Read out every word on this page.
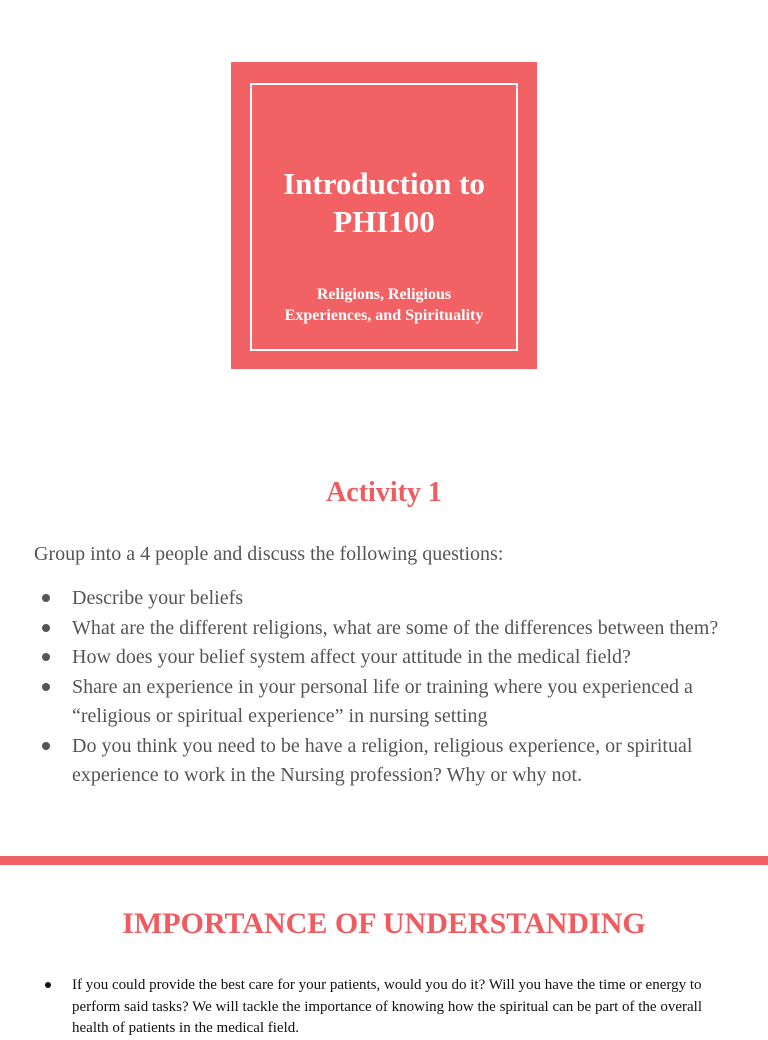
Introduction to
PHI100
Religions, Religious
Experiences, and Spirituality
Activity 1
Group into a 4 people and discuss the following questions:
Describe your beliefs
What are the different religions, what are some of the differences between them?
How does your belief system affect your attitude in the medical field?
Share an experience in your personal life or training where you experienced a “religious or spiritual experience” in nursing setting
Do you think you need to be have a religion, religious experience, or spiritual experience to work in the Nursing profession? Why or why not.
IMPORTANCE OF UNDERSTANDING
If you could provide the best care for your patients, would you do it? Will you have the time or energy to perform said tasks? We will tackle the importance of knowing how the spiritual can be part of the overall health of patients in the medical field.
